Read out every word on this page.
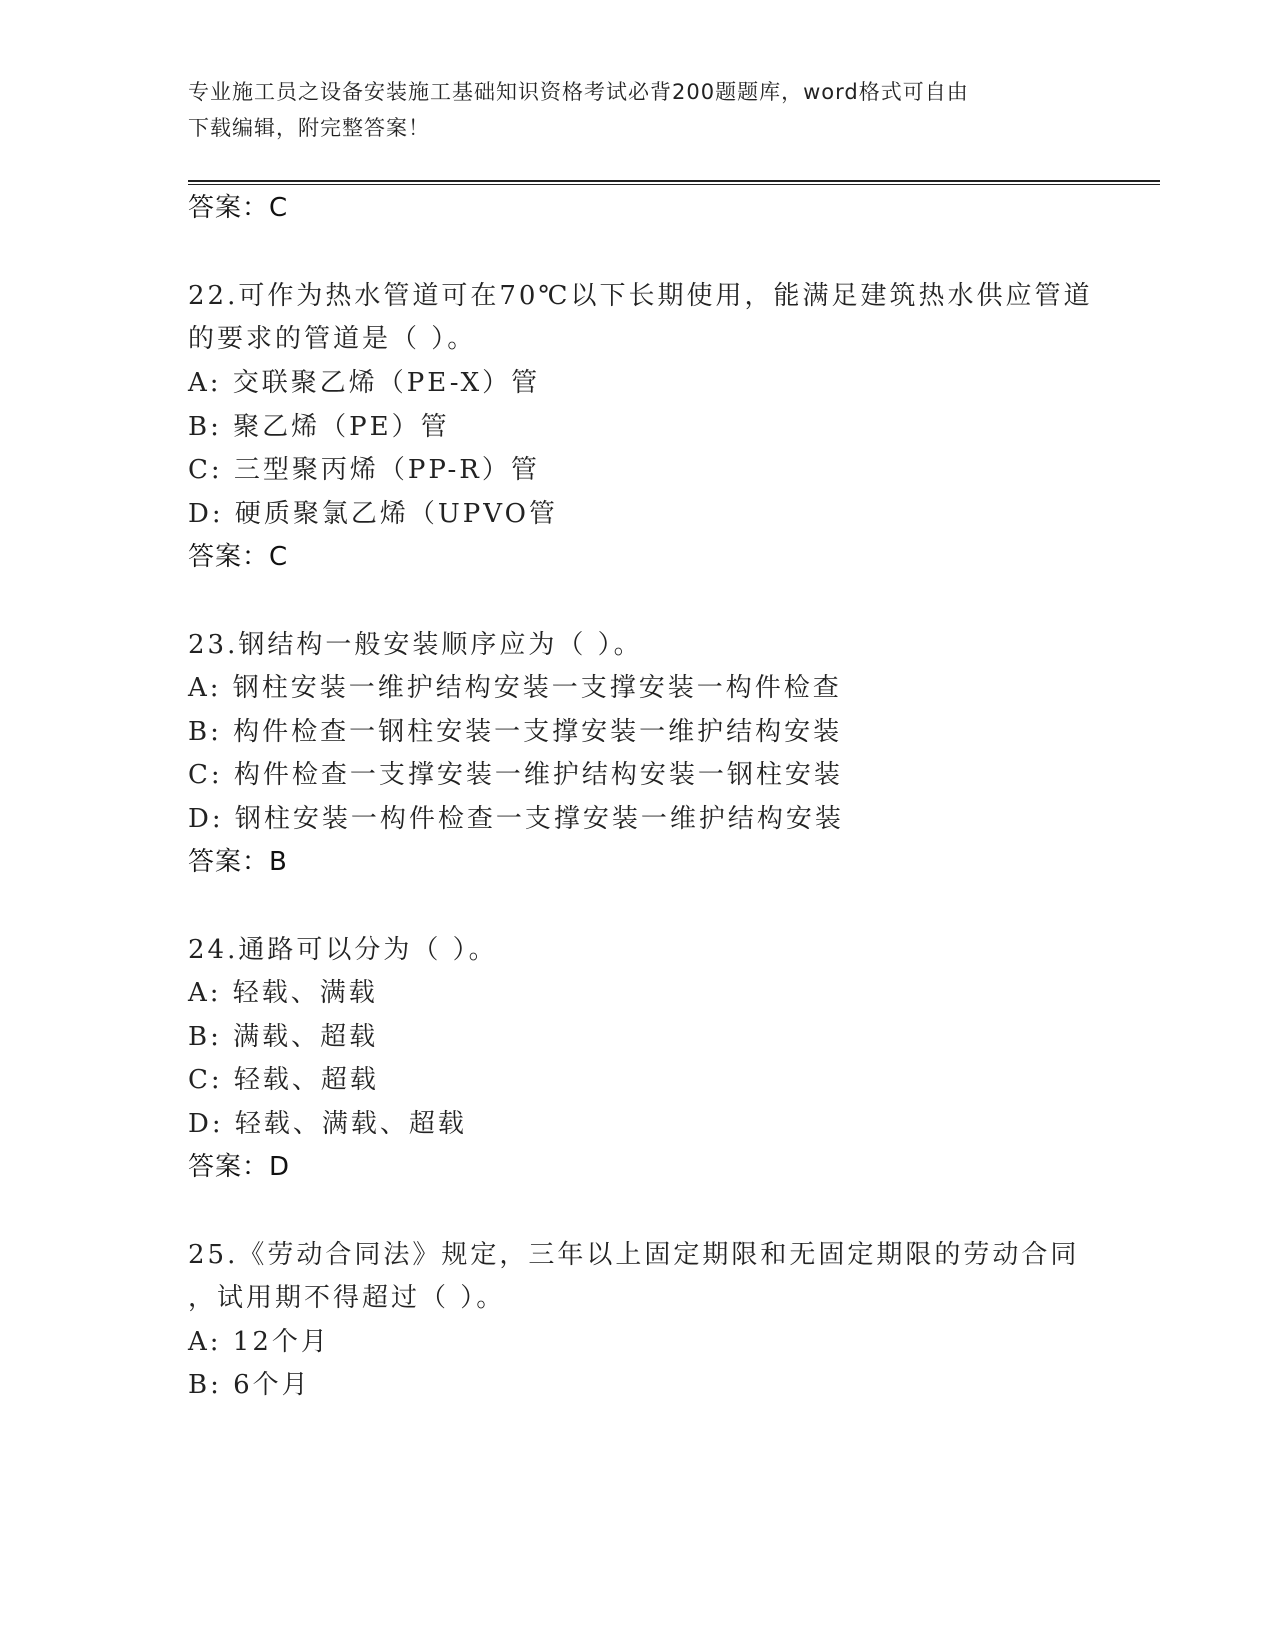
专业施工员之设备安装施工基础知识资格考试必背200题题库，word格式可自由
下载编辑，附完整答案！
答案：C
22.可作为热水管道可在70℃以下长期使用，能满足建筑热水供应管道
的要求的管道是（ ）。
A: 交联聚乙烯（PE-X）管
B: 聚乙烯（PE）管
C: 三型聚丙烯（PP-R）管
D: 硬质聚氯乙烯（UPVO管
答案：C
23.钢结构一般安装顺序应为（ ）。
A: 钢柱安装一维护结构安装一支撑安装一构件检查
B: 构件检查一钢柱安装一支撑安装一维护结构安装
C: 构件检查一支撑安装一维护结构安装一钢柱安装
D: 钢柱安装一构件检查一支撑安装一维护结构安装
答案：B
24.通路可以分为（ ）。
A: 轻载、满载
B: 满载、超载
C: 轻载、超载
D: 轻载、满载、超载
答案：D
25.《劳动合同法》规定，三年以上固定期限和无固定期限的劳动合同
，试用期不得超过（ ）。
A: 12个月
B: 6个月
